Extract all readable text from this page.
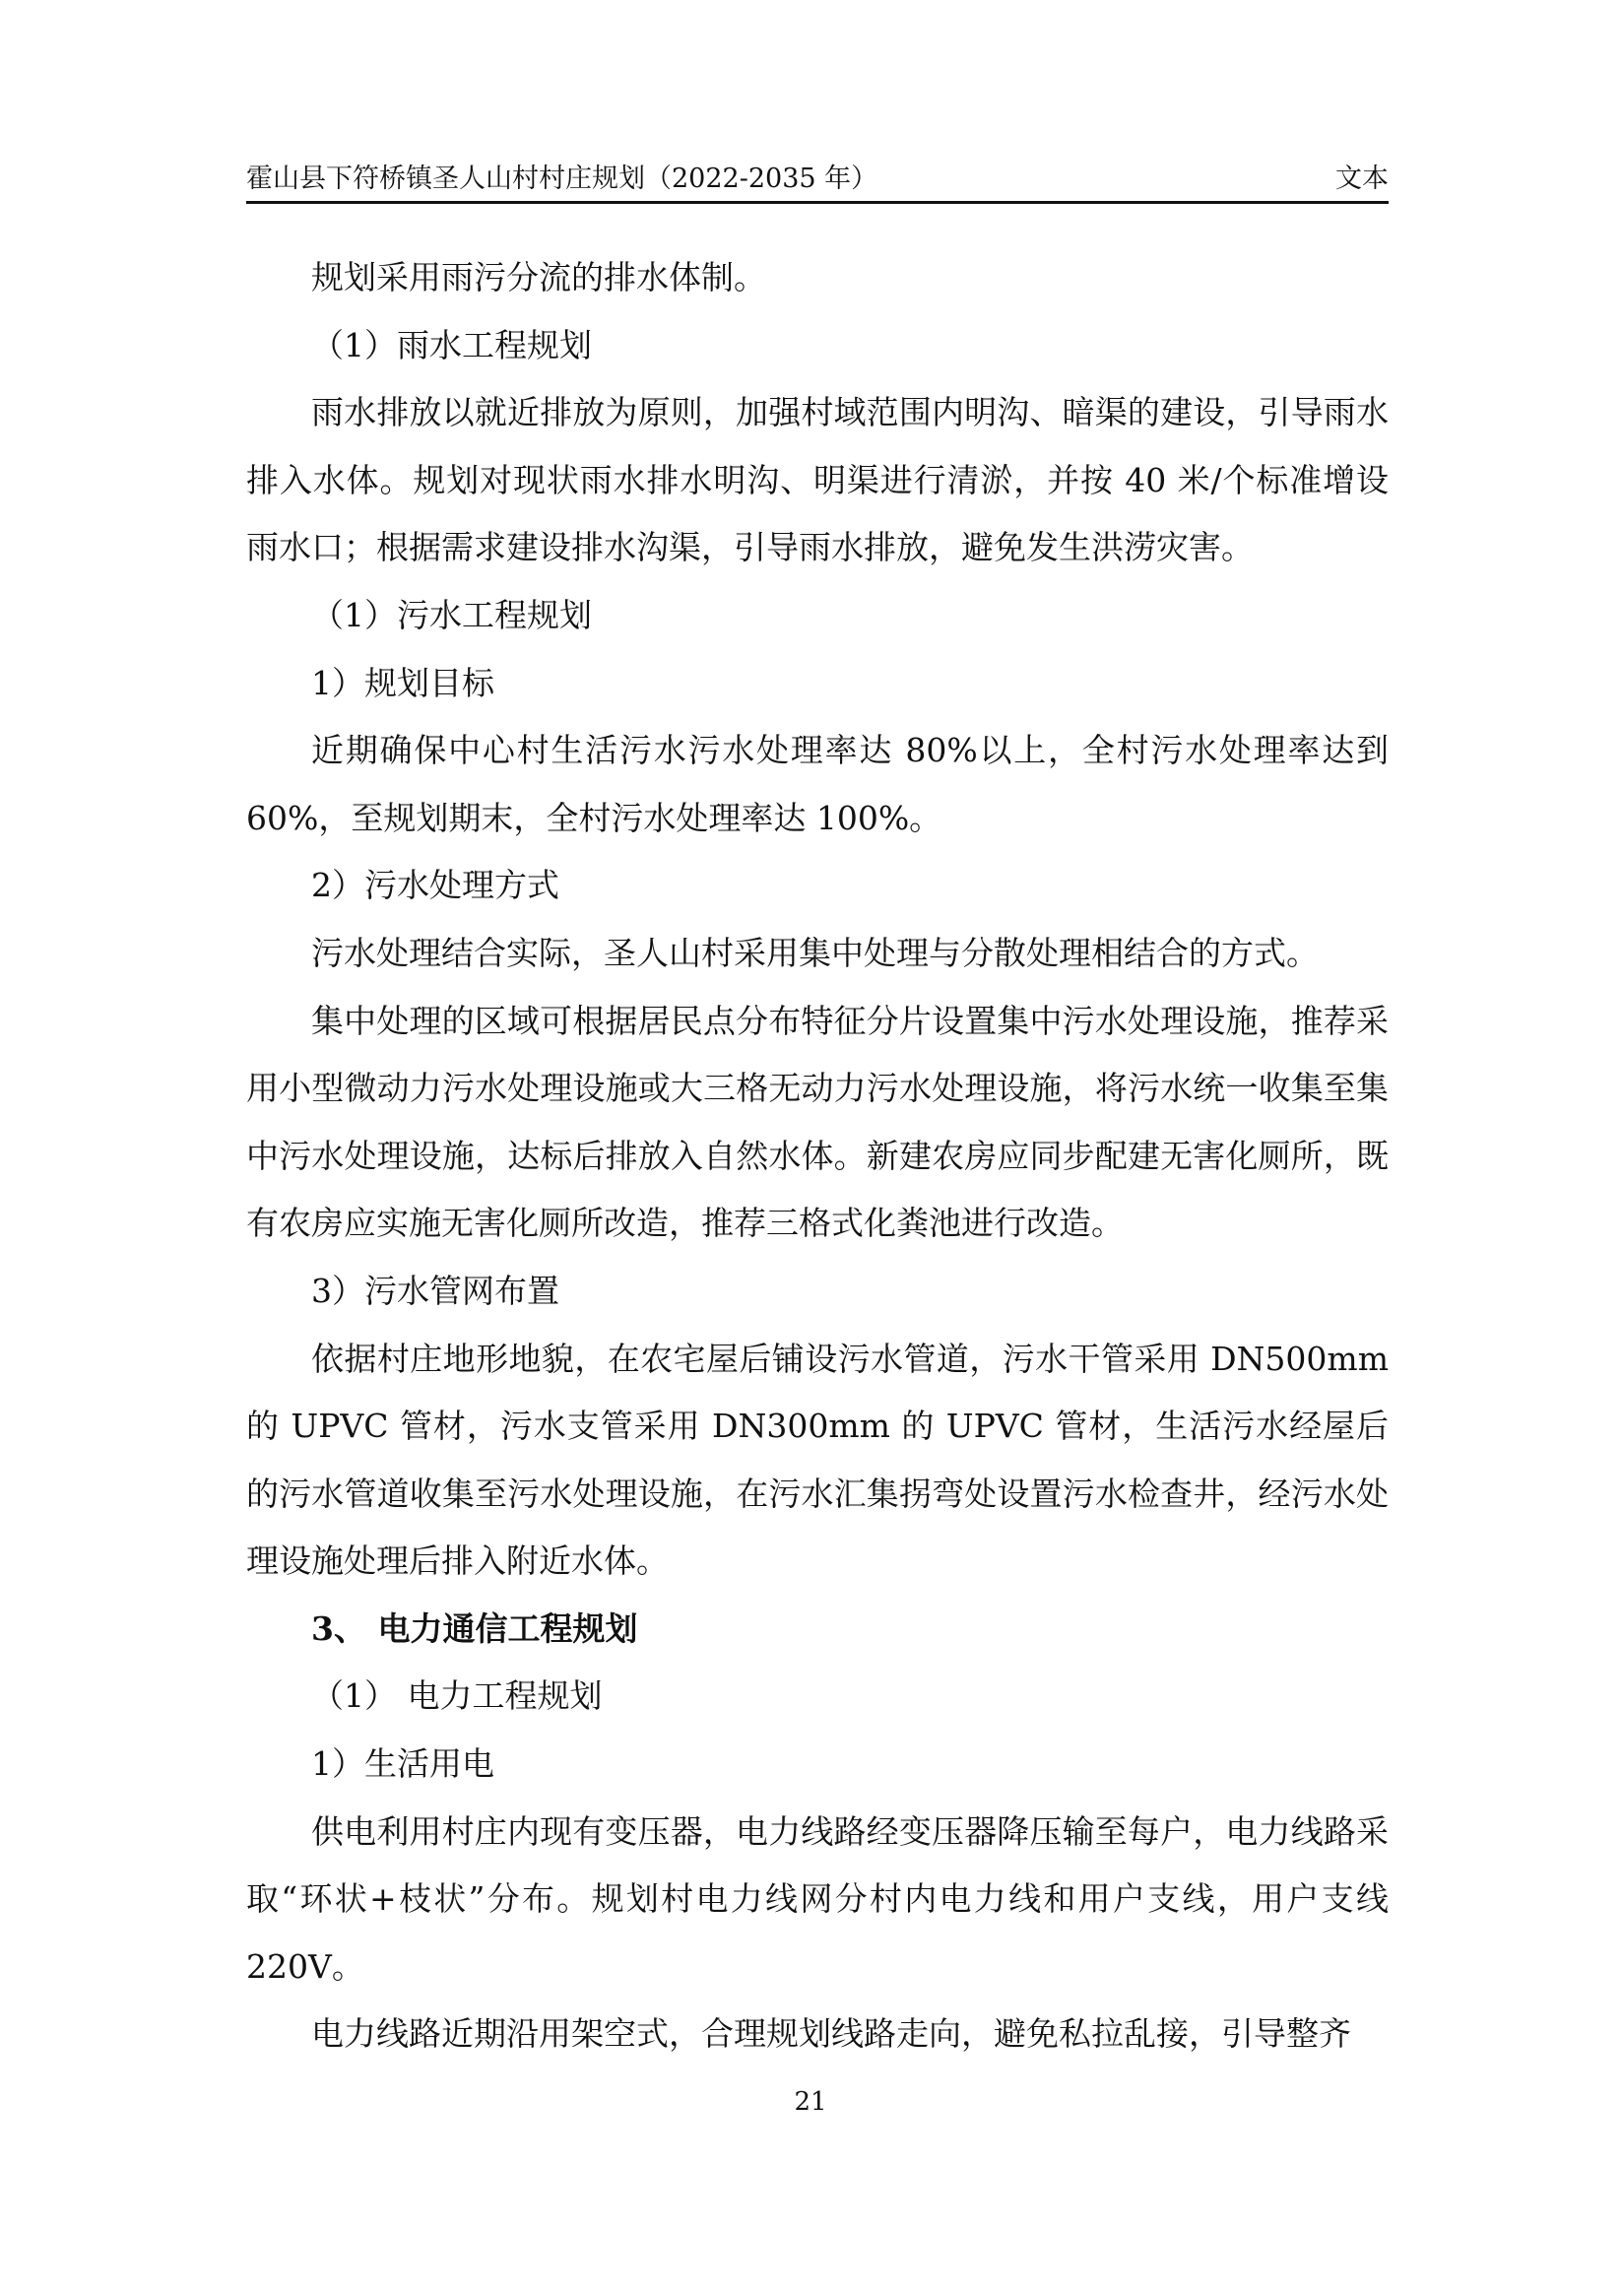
霍山县下符桥镇圣人山村村庄规划（2022-2035 年）	文本

规划采用雨污分流的排水体制。

（1）雨水工程规划

雨水排放以就近排放为原则，加强村域范围内明沟、暗渠的建设，引导雨水排入水体。规划对现状雨水排水明沟、明渠进行清淤，并按 40 米/个标准增设雨水口；根据需求建设排水沟渠，引导雨水排放，避免发生洪涝灾害。

（1）污水工程规划

1）规划目标

近期确保中心村生活污水污水处理率达 80%以上，全村污水处理率达到 60%，至规划期末，全村污水处理率达 100%。

2）污水处理方式

污水处理结合实际，圣人山村采用集中处理与分散处理相结合的方式。

集中处理的区域可根据居民点分布特征分片设置集中污水处理设施，推荐采用小型微动力污水处理设施或大三格无动力污水处理设施，将污水统一收集至集中污水处理设施，达标后排放入自然水体。新建农房应同步配建无害化厕所，既有农房应实施无害化厕所改造，推荐三格式化粪池进行改造。

3）污水管网布置

依据村庄地形地貌，在农宅屋后铺设污水管道，污水干管采用 DN500mm 的 UPVC 管材，污水支管采用 DN300mm 的 UPVC 管材，生活污水经屋后的污水管道收集至污水处理设施，在污水汇集拐弯处设置污水检查井，经污水处理设施处理后排入附近水体。

3、 电力通信工程规划

（1） 电力工程规划

1）生活用电

供电利用村庄内现有变压器，电力线路经变压器降压输至每户，电力线路采取“环状+枝状”分布。规划村电力线网分村内电力线和用户支线，用户支线 220V。

电力线路近期沿用架空式，合理规划线路走向，避免私拉乱接，引导整齐

21
